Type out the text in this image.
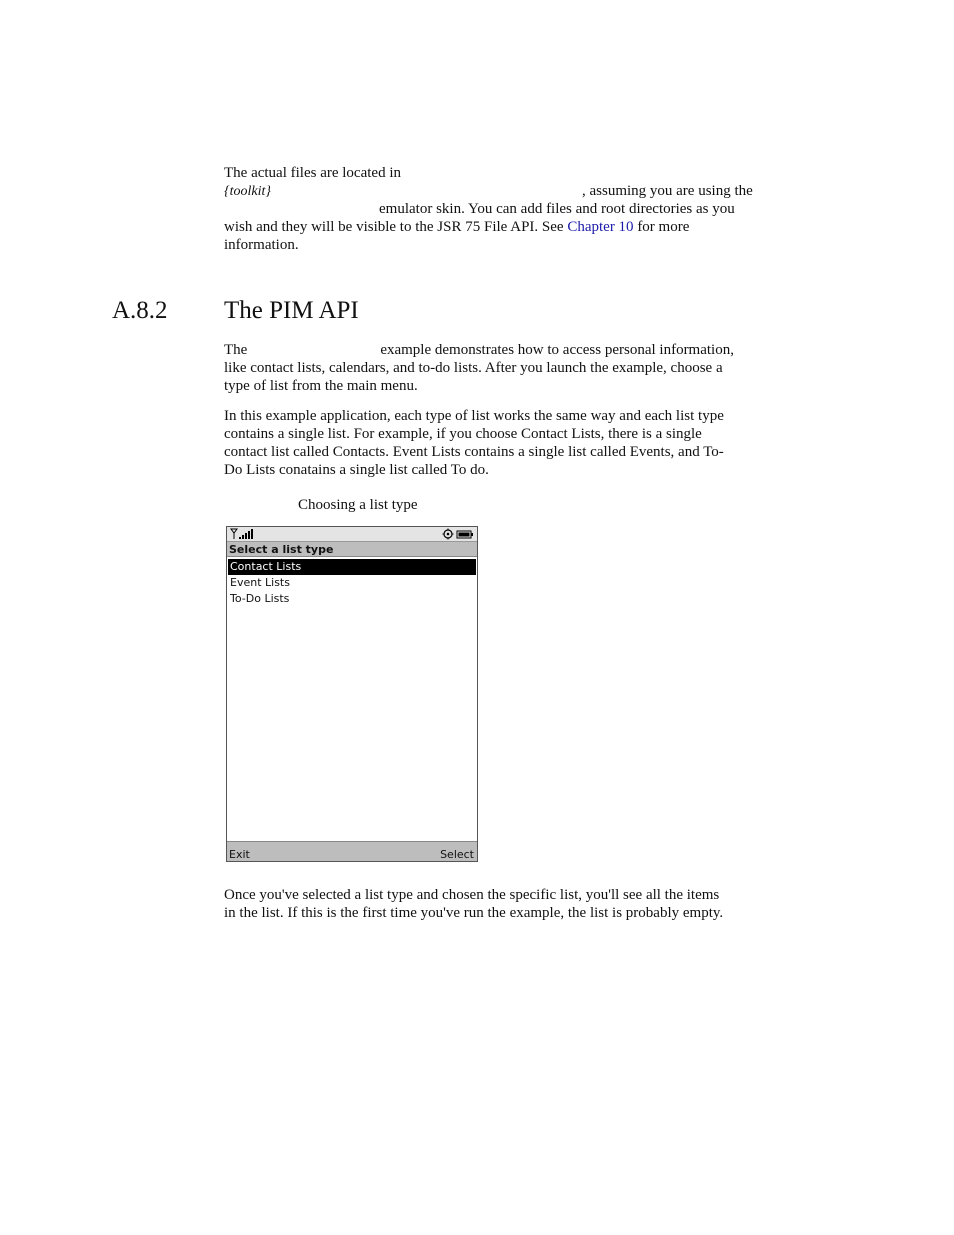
The actual files are located in
{toolkit}	, assuming you are using the
emulator skin. You can add files and root directories as you
wish and they will be visible to the JSR 75 File API. See Chapter 10 for more
information.
A.8.2 The PIM API
The	example demonstrates how to access personal information,
like contact lists, calendars, and to-do lists. After you launch the example, choose a
type of list from the main menu.
In this example application, each type of list works the same way and each list type
contains a single list. For example, if you choose Contact Lists, there is a single
contact list called Contacts. Event Lists contains a single list called Events, and To-
Do Lists conatains a single list called To do.
Choosing a list type
Select a list type
Contact Lists
Event Lists
To-Do Lists
Exit	Select
Once you've selected a list type and chosen the specific list, you'll see all the items
in the list. If this is the first time you've run the example, the list is probably empty.
